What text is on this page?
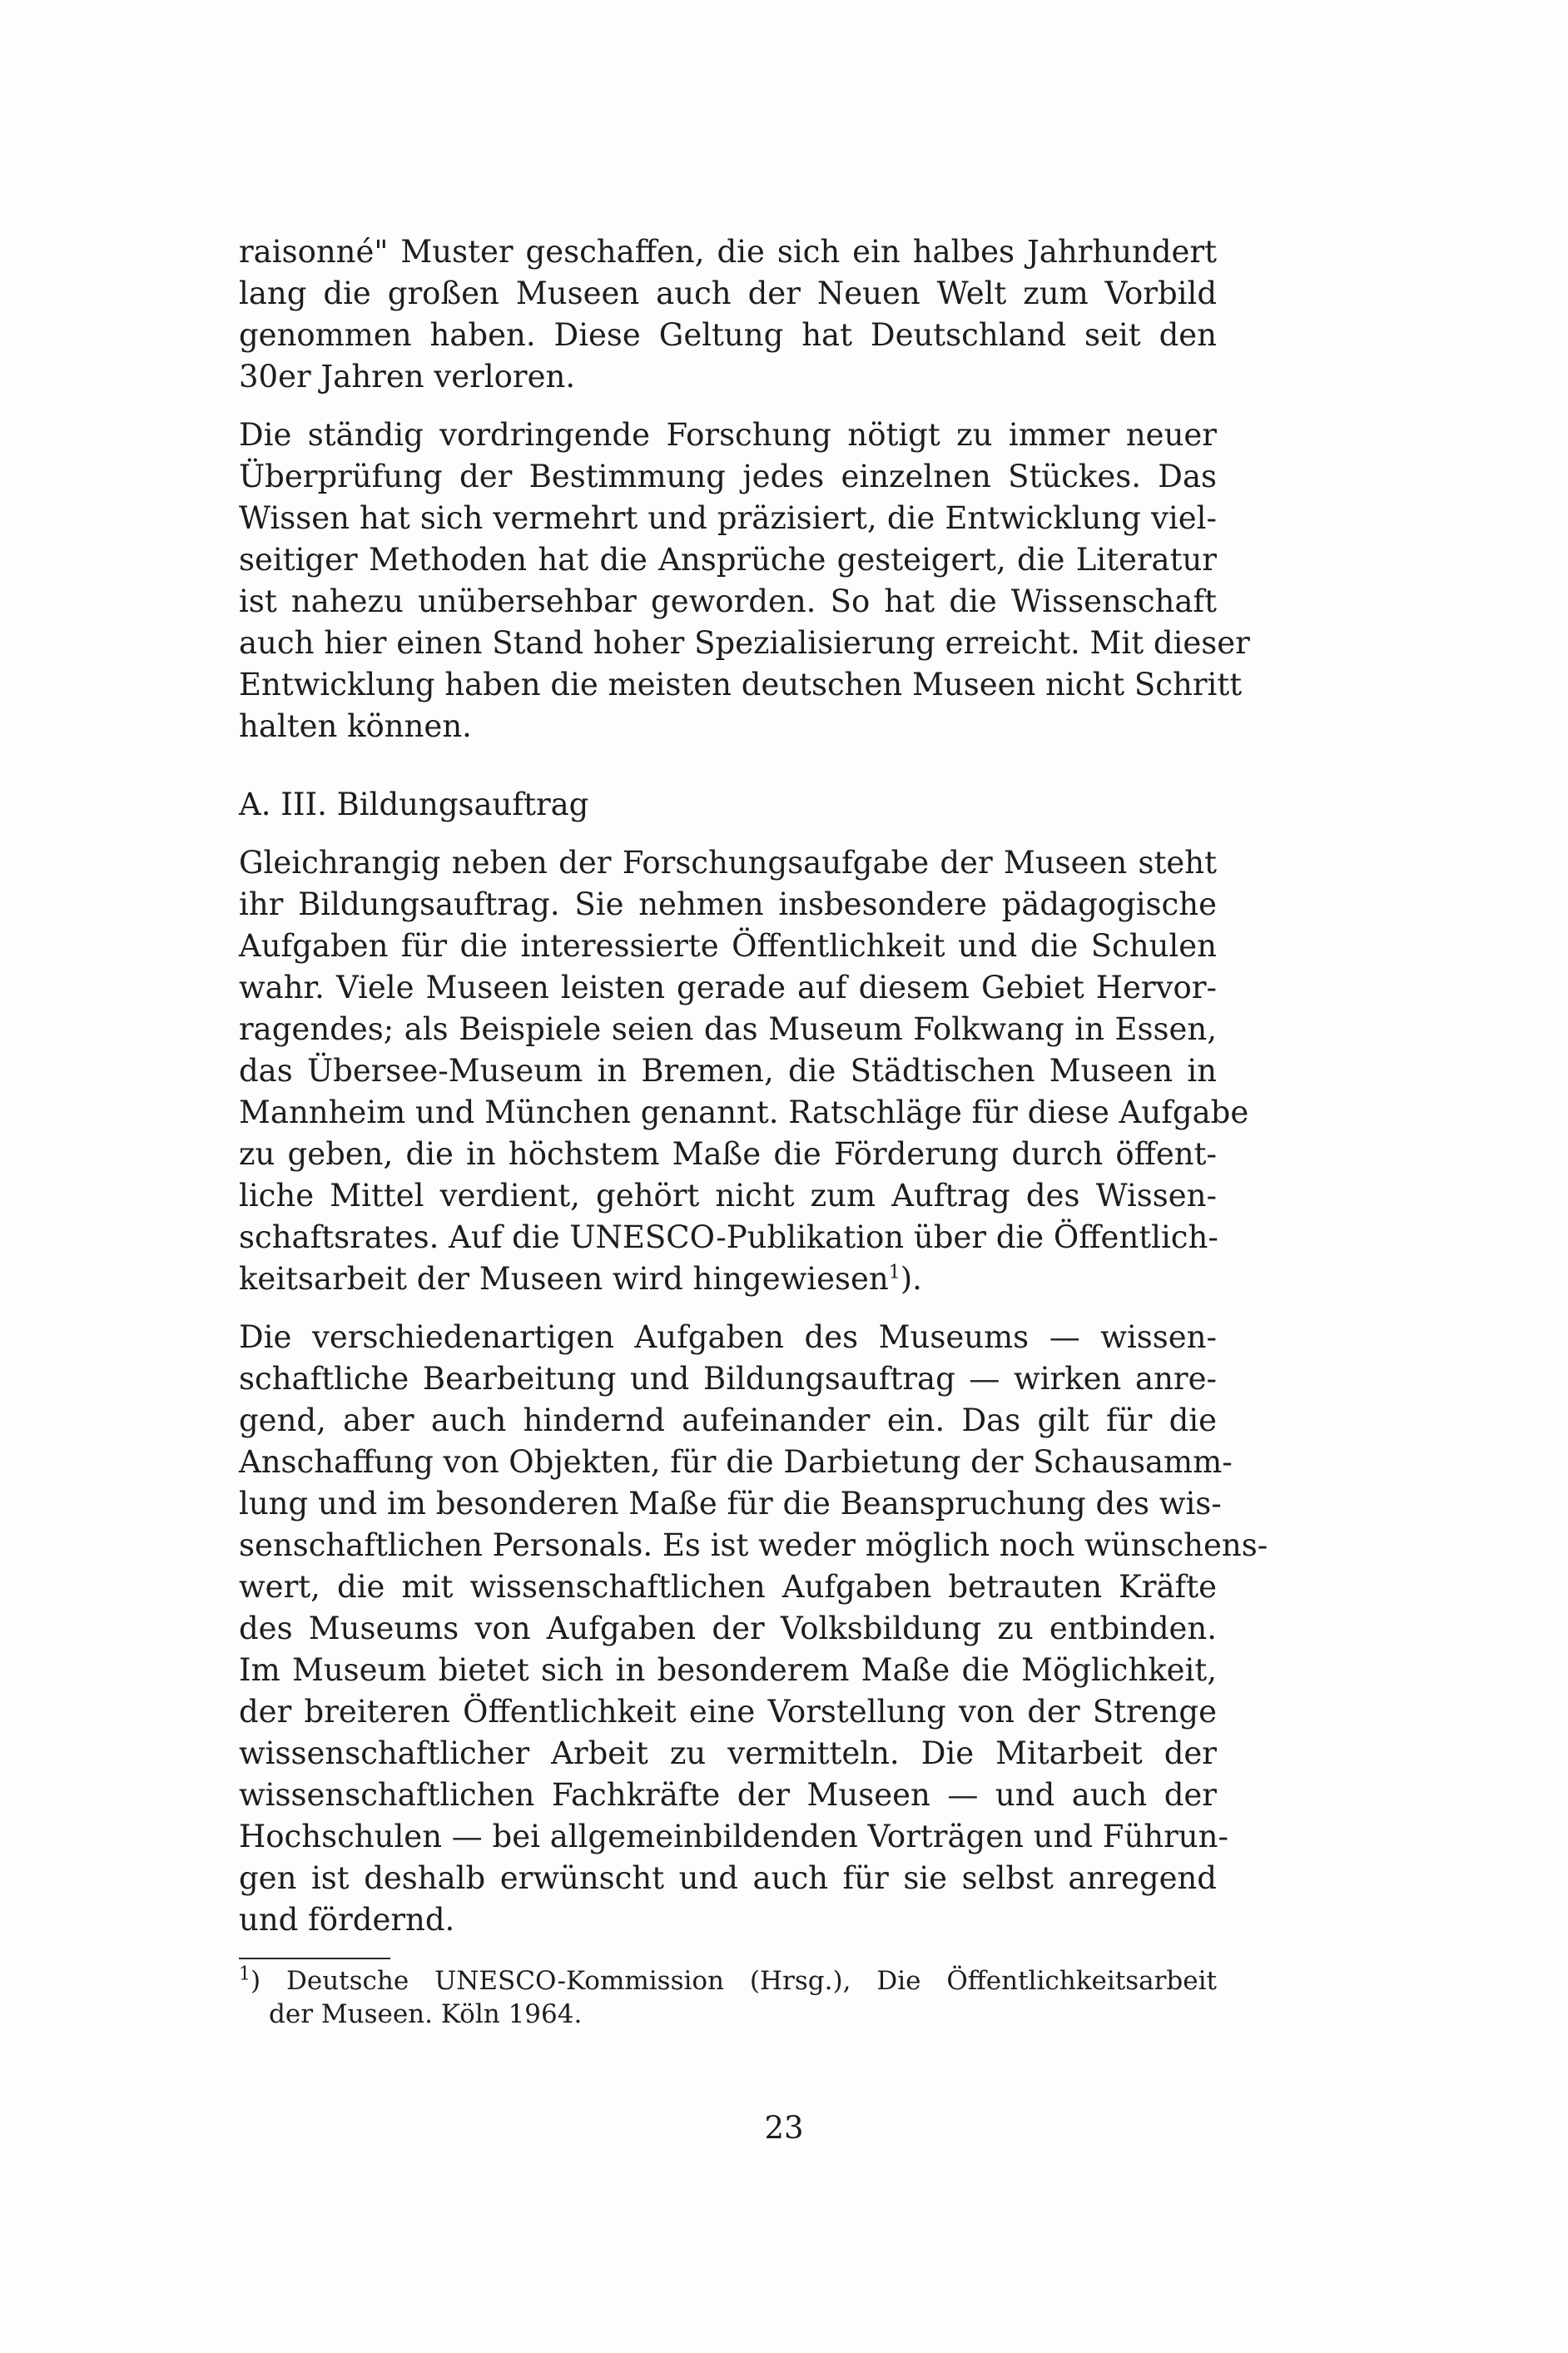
raisonné" Muster geschaffen, die sich ein halbes Jahrhundert
lang die großen Museen auch der Neuen Welt zum Vorbild
genommen haben. Diese Geltung hat Deutschland seit den
30er Jahren verloren.
Die ständig vordringende Forschung nötigt zu immer neuer
Überprüfung der Bestimmung jedes einzelnen Stückes. Das
Wissen hat sich vermehrt und präzisiert, die Entwicklung viel-
seitiger Methoden hat die Ansprüche gesteigert, die Literatur
ist nahezu unübersehbar geworden. So hat die Wissenschaft
auch hier einen Stand hoher Spezialisierung erreicht. Mit dieser
Entwicklung haben die meisten deutschen Museen nicht Schritt
halten können.
A. III. Bildungsauftrag
Gleichrangig neben der Forschungsaufgabe der Museen steht
ihr Bildungsauftrag. Sie nehmen insbesondere pädagogische
Aufgaben für die interessierte Öffentlichkeit und die Schulen
wahr. Viele Museen leisten gerade auf diesem Gebiet Hervor-
ragendes; als Beispiele seien das Museum Folkwang in Essen,
das Übersee-Museum in Bremen, die Städtischen Museen in
Mannheim und München genannt. Ratschläge für diese Aufgabe
zu geben, die in höchstem Maße die Förderung durch öffent-
liche Mittel verdient, gehört nicht zum Auftrag des Wissen-
schaftsrates. Auf die UNESCO-Publikation über die Öffentlich-
keitsarbeit der Museen wird hingewiesen$^1$).
Die verschiedenartigen Aufgaben des Museums — wissen-
schaftliche Bearbeitung und Bildungsauftrag — wirken anre-
gend, aber auch hindernd aufeinander ein. Das gilt für die
Anschaffung von Objekten, für die Darbietung der Schausamm-
lung und im besonderen Maße für die Beanspruchung des wis-
senschaftlichen Personals. Es ist weder möglich noch wünschens-
wert, die mit wissenschaftlichen Aufgaben betrauten Kräfte
des Museums von Aufgaben der Volksbildung zu entbinden.
Im Museum bietet sich in besonderem Maße die Möglichkeit,
der breiteren Öffentlichkeit eine Vorstellung von der Strenge
wissenschaftlicher Arbeit zu vermitteln. Die Mitarbeit der
wissenschaftlichen Fachkräfte der Museen — und auch der
Hochschulen — bei allgemeinbildenden Vorträgen und Führun-
gen ist deshalb erwünscht und auch für sie selbst anregend
und fördernd.
$^1$) Deutsche UNESCO-Kommission (Hrsg.), Die Öffentlichkeitsarbeit
der Museen. Köln 1964.
23
